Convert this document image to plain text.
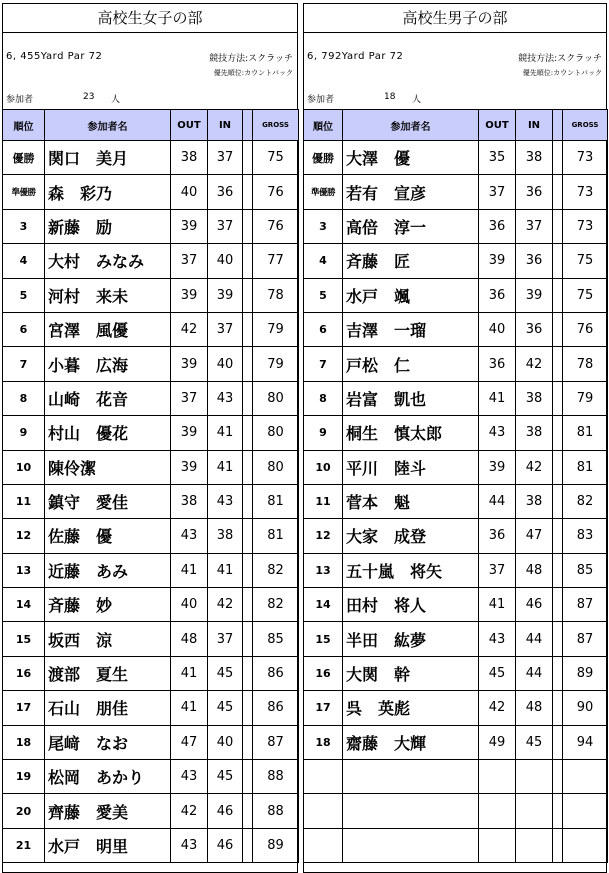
高校生女子の部
6, 455Yard Par 72	競技方法:スクラッチ
優先順位:カウントバック
参加者	23 人
順位	参加者名	OUT	IN		GROSS
優勝	関口　美月	38	37		75
準優勝	森　彩乃	40	36		76
3	新藤　励	39	37		76
4	大村　みなみ	37	40		77
5	河村　来未	39	39		78
6	宮澤　風優	42	37		79
7	小暮　広海	39	40		79
8	山崎　花音	37	43		80
9	村山　優花	39	41		80
10	陳伶潔	39	41		80
11	鎮守　愛佳	38	43		81
12	佐藤　優	43	38		81
13	近藤　あみ	41	41		82
14	斉藤　妙	40	42		82
15	坂西　涼	48	37		85
16	渡部　夏生	41	45		86
17	石山　朋佳	41	45		86
18	尾﨑　なお	47	40		87
19	松岡　あかり	43	45		88
20	齊藤　愛美	42	46		88
21	水戸　明里	43	46		89
高校生男子の部
6, 792Yard Par 72	競技方法:スクラッチ
優先順位:カウントバック
参加者	18 人
順位	参加者名	OUT	IN		GROSS
優勝	大澤　優	35	38		73
準優勝	若有　宣彦	37	36		73
3	高倍　淳一	36	37		73
4	斉藤　匠	39	36		75
5	水戸　颯	36	39		75
6	吉澤　一瑠	40	36		76
7	戸松　仁	36	42		78
8	岩富　凱也	41	38		79
9	桐生　慎太郎	43	38		81
10	平川　陸斗	39	42		81
11	菅本　魁	44	38		82
12	大家　成登	36	47		83
13	五十嵐　将矢	37	48		85
14	田村　将人	41	46		87
15	半田　紘夢	43	44		87
16	大関　幹	45	44		89
17	呉　英彪	42	48		90
18	齋藤　大輝	49	45		94
